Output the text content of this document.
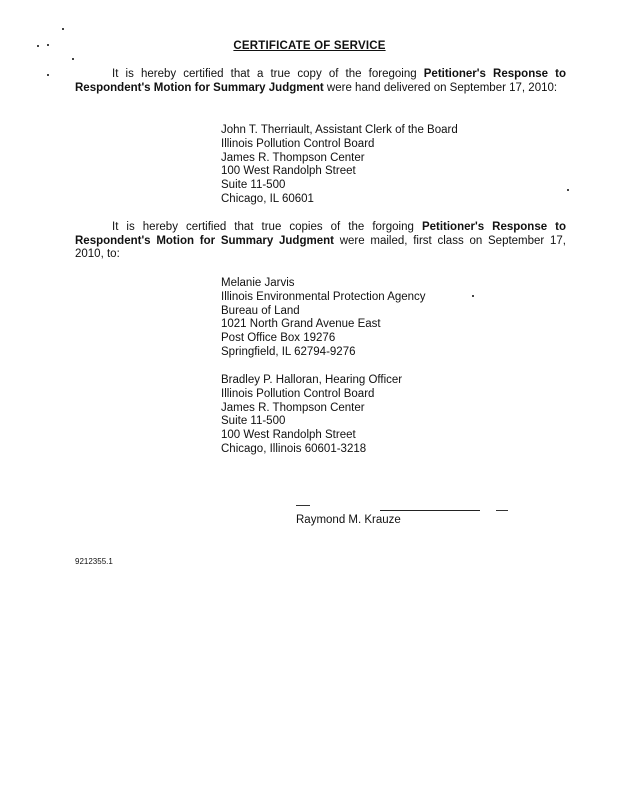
CERTIFICATE OF SERVICE

It is hereby certified that a true copy of the foregoing Petitioner's Response to Respondent's Motion for Summary Judgment were hand delivered on September 17, 2010:

John T. Therriault, Assistant Clerk of the Board
Illinois Pollution Control Board
James R. Thompson Center
100 West Randolph Street
Suite 11-500
Chicago, IL 60601

It is hereby certified that true copies of the forgoing Petitioner's Response to Respondent's Motion for Summary Judgment were mailed, first class on September 17, 2010, to:

Melanie Jarvis
Illinois Environmental Protection Agency
Bureau of Land
1021 North Grand Avenue East
Post Office Box 19276
Springfield, IL 62794-9276
Bradley P. Halloran, Hearing Officer
Illinois Pollution Control Board
James R. Thompson Center
Suite 11-500
100 West Randolph Street
Chicago, Illinois 60601-3218
Raymond M. Krauze
9212355.1
